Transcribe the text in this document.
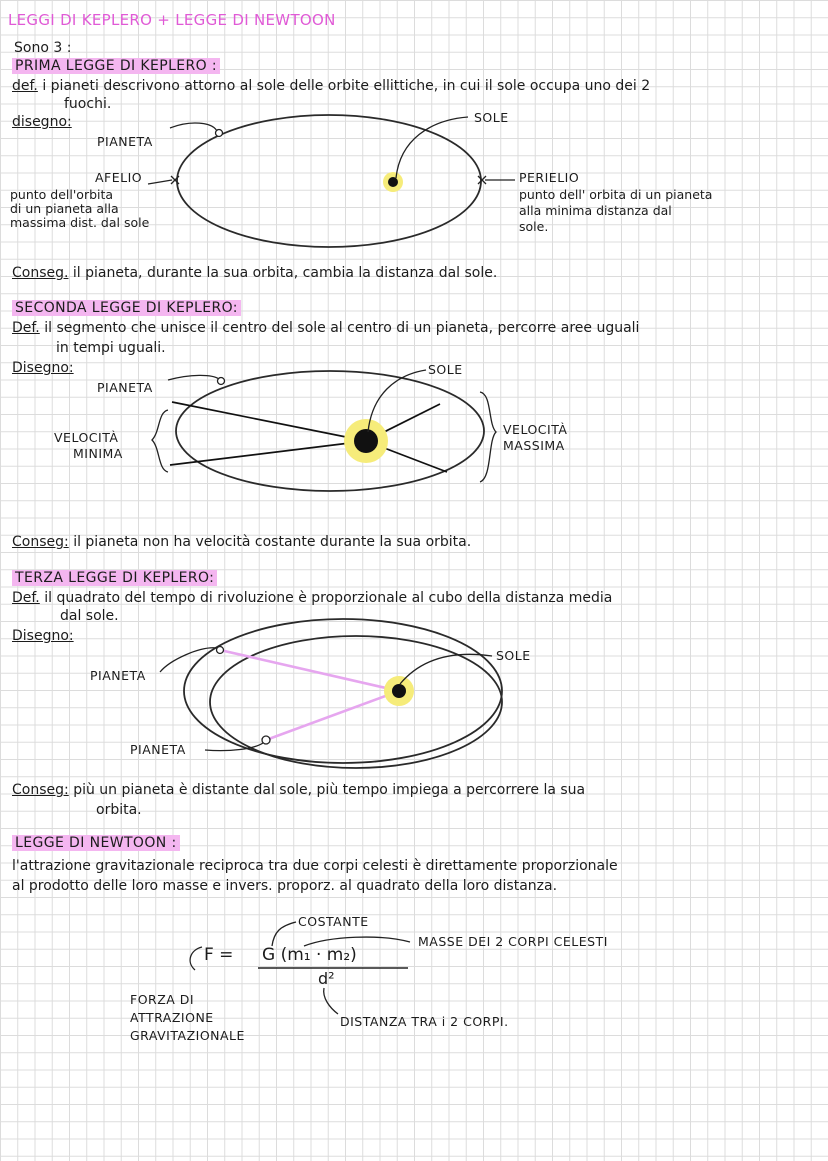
LEGGI DI KEPLERO + LEGGE DI NEWTOON
Sono 3 :
PRIMA LEGGE DI KEPLERO :
def. i pianeti descrivono attorno al sole delle orbite ellittiche, in cui il sole occupa uno dei 2
fuochi.
disegno:
PIANETA
SOLE
AFELIO
punto dell'orbita
di un pianeta alla
massima dist. dal sole
PERIELIO
punto dell' orbita di un pianeta
alla minima distanza dal
sole.
Conseg. il pianeta, durante la sua orbita, cambia la distanza dal sole.
SECONDA LEGGE DI KEPLERO:
Def. il segmento che unisce il centro del sole al centro di un pianeta, percorre aree uguali
in tempi uguali.
Disegno:
PIANETA
SOLE
VELOCITÀ
MINIMA
VELOCITÀ
MASSIMA
Conseg: il pianeta non ha velocità costante durante la sua orbita.
TERZA LEGGE DI KEPLERO:
Def. il quadrato del tempo di rivoluzione è proporzionale al cubo della distanza media
dal sole.
Disegno:
PIANETA
PIANETA
SOLE
Conseg: più un pianeta è distante dal sole, più tempo impiega a percorrere la sua
orbita.
LEGGE DI NEWTOON :
l'attrazione gravitazionale reciproca tra due corpi celesti è direttamente proporzionale
al prodotto delle loro masse e invers. proporz. al quadrato della loro distanza.
COSTANTE
MASSE DEI 2 CORPI CELESTI
F = G (m₁ · m₂)
d²
FORZA DI
ATTRAZIONE
GRAVITAZIONALE
DISTANZA TRA i 2 CORPI.
